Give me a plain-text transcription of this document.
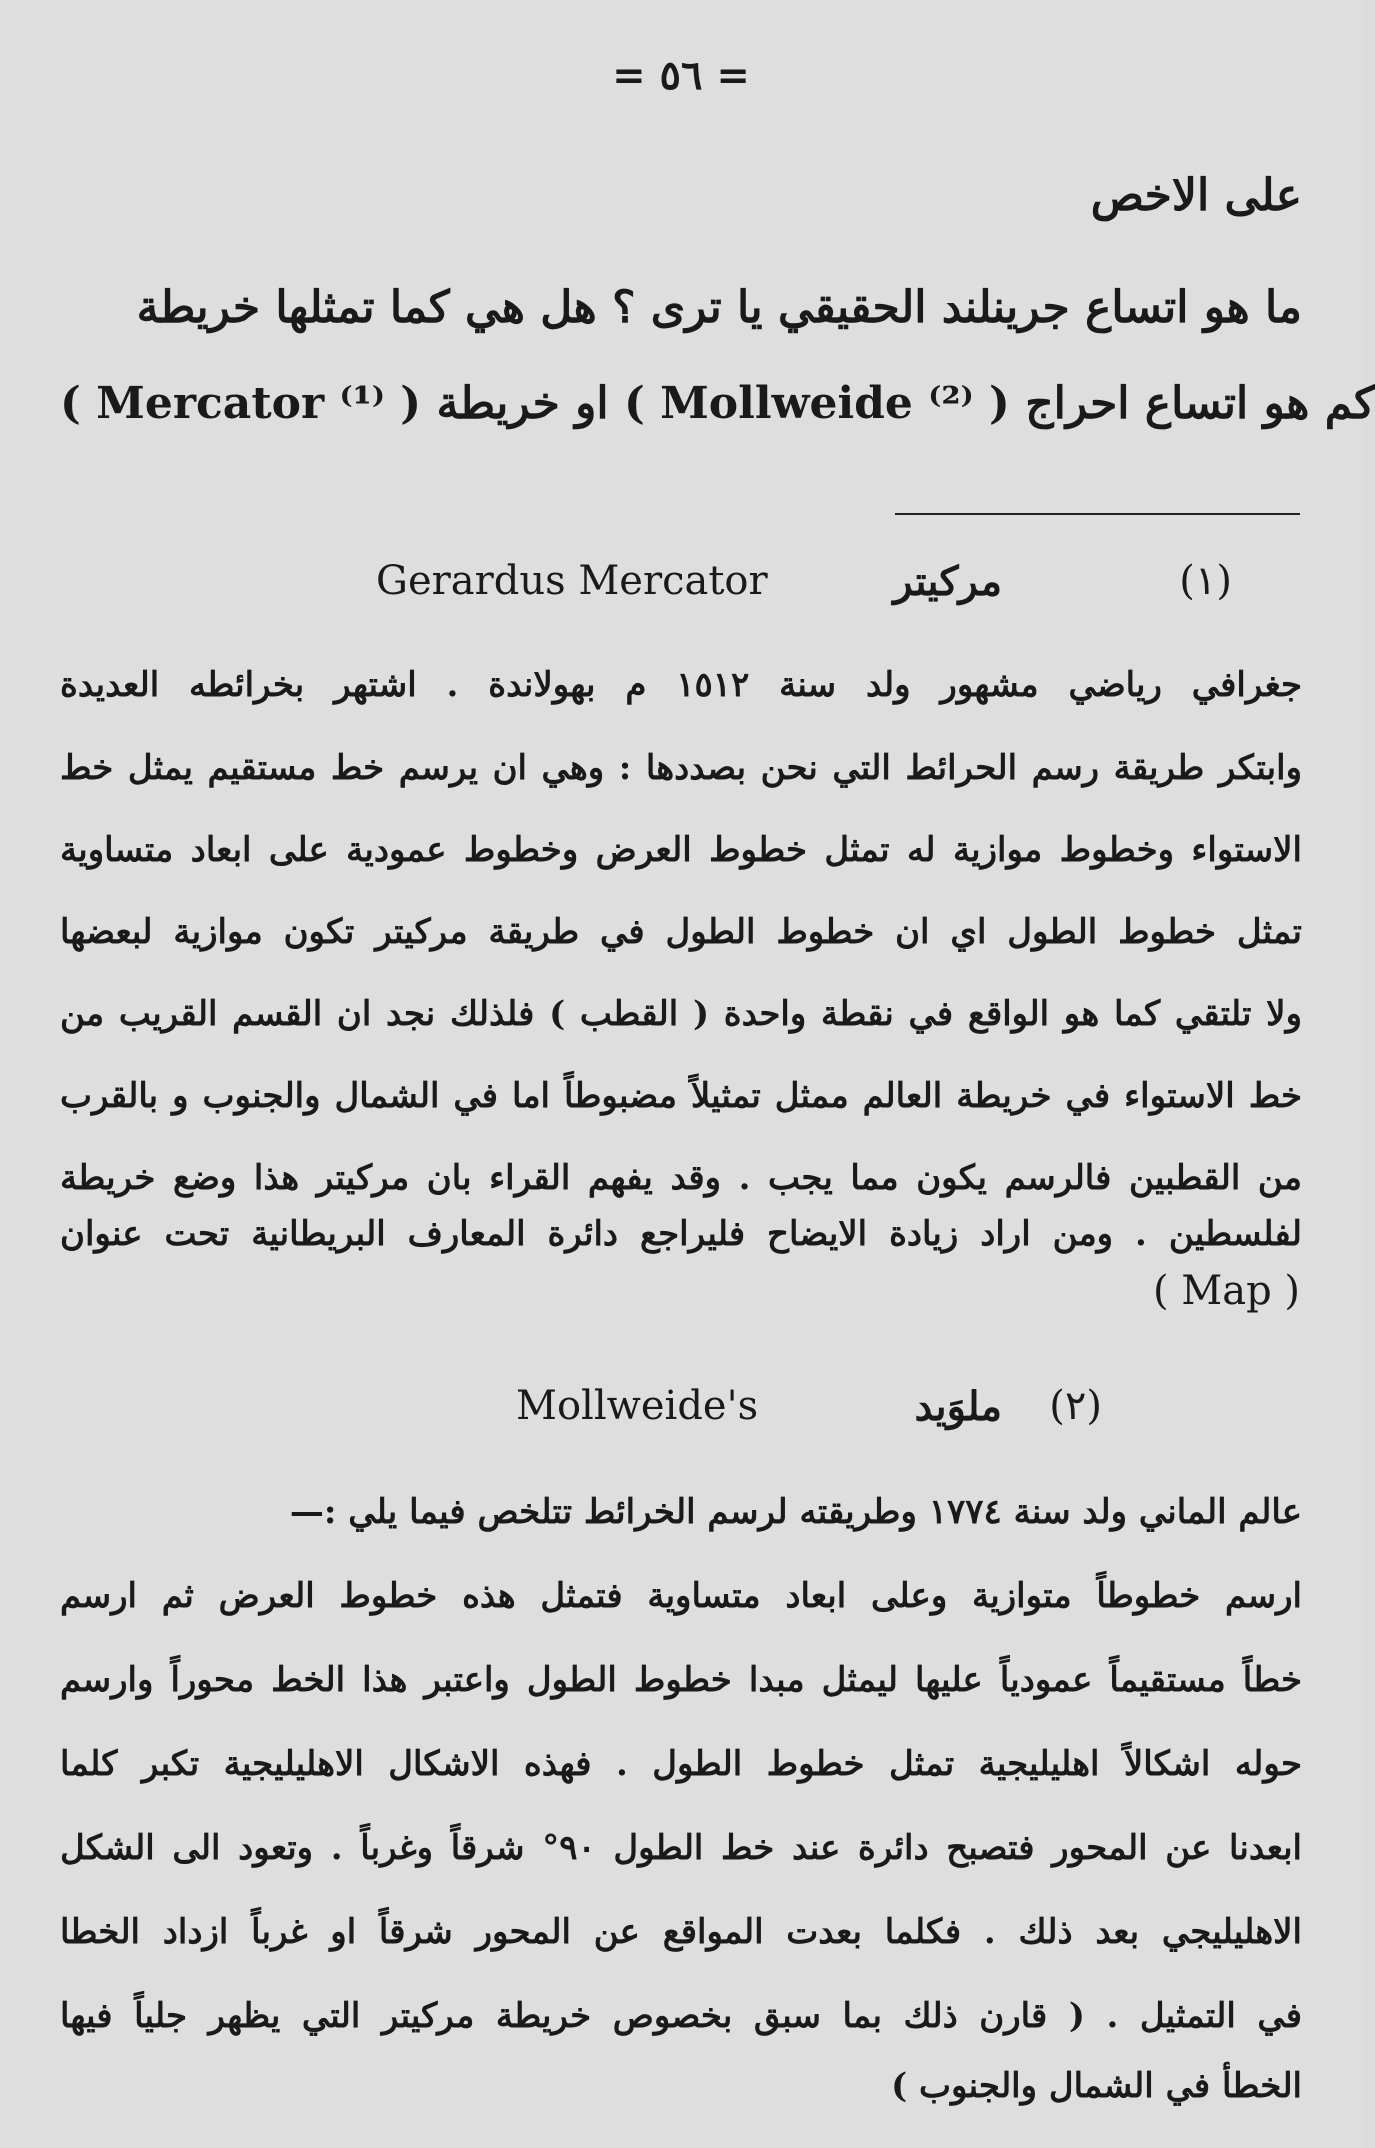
= ٥٦ =
على الاخص
ما هو اتساع جرينلند الحقيقي يا ترى ؟ هل هي كما تمثلها خريطة
( Mercator ⁽¹⁾ ) او خريطة ( Mollweide ⁽²⁾ ) كم هو اتساع احراج
(١)
مركيتر
Gerardus Mercator
جغرافي رياضي مشهور ولد سنة ١٥١٢ م بهولاندة . اشتهر بخرائطه العديدة
وابتكر طريقة رسم الحرائط التي نحن بصددها : وهي ان يرسم خط مستقيم يمثل خط
الاستواء وخطوط موازية له تمثل خطوط العرض وخطوط عمودية على ابعاد متساوية
تمثل خطوط الطول اي ان خطوط الطول في طريقة مركيتر تكون موازية لبعضها
ولا تلتقي كما هو الواقع في نقطة واحدة ( القطب ) فلذلك نجد ان القسم القريب من
خط الاستواء في خريطة العالم ممثل تمثيلاً مضبوطاً اما في الشمال والجنوب و بالقرب
من القطبين فالرسم يكون مما يجب . وقد يفهم القراء بان مركيتر هذا وضع خريطة
لفلسطين . ومن اراد زيادة الايضاح فليراجع دائرة المعارف البريطانية تحت عنوان
( Map )
(٢)
ملوَيد
Mollweide's
عالم الماني ولد سنة ١٧٧٤ وطريقته لرسم الخرائط تتلخص فيما يلي :—
ارسم خطوطاً متوازية وعلى ابعاد متساوية فتمثل هذه خطوط العرض ثم ارسم
خطاً مستقيماً عمودياً عليها ليمثل مبدا خطوط الطول واعتبر هذا الخط محوراً وارسم
حوله اشكالاً اهليليجية تمثل خطوط الطول . فهذه الاشكال الاهليليجية تكبر كلما
ابعدنا عن المحور فتصبح دائرة عند خط الطول ٩٠° شرقاً وغرباً . وتعود الى الشكل
الاهليليجي بعد ذلك . فكلما بعدت المواقع عن المحور شرقاً او غرباً ازداد الخطا
في التمثيل . ( قارن ذلك بما سبق بخصوص خريطة مركيتر التي يظهر جلياً فيها
الخطأ في الشمال والجنوب )
